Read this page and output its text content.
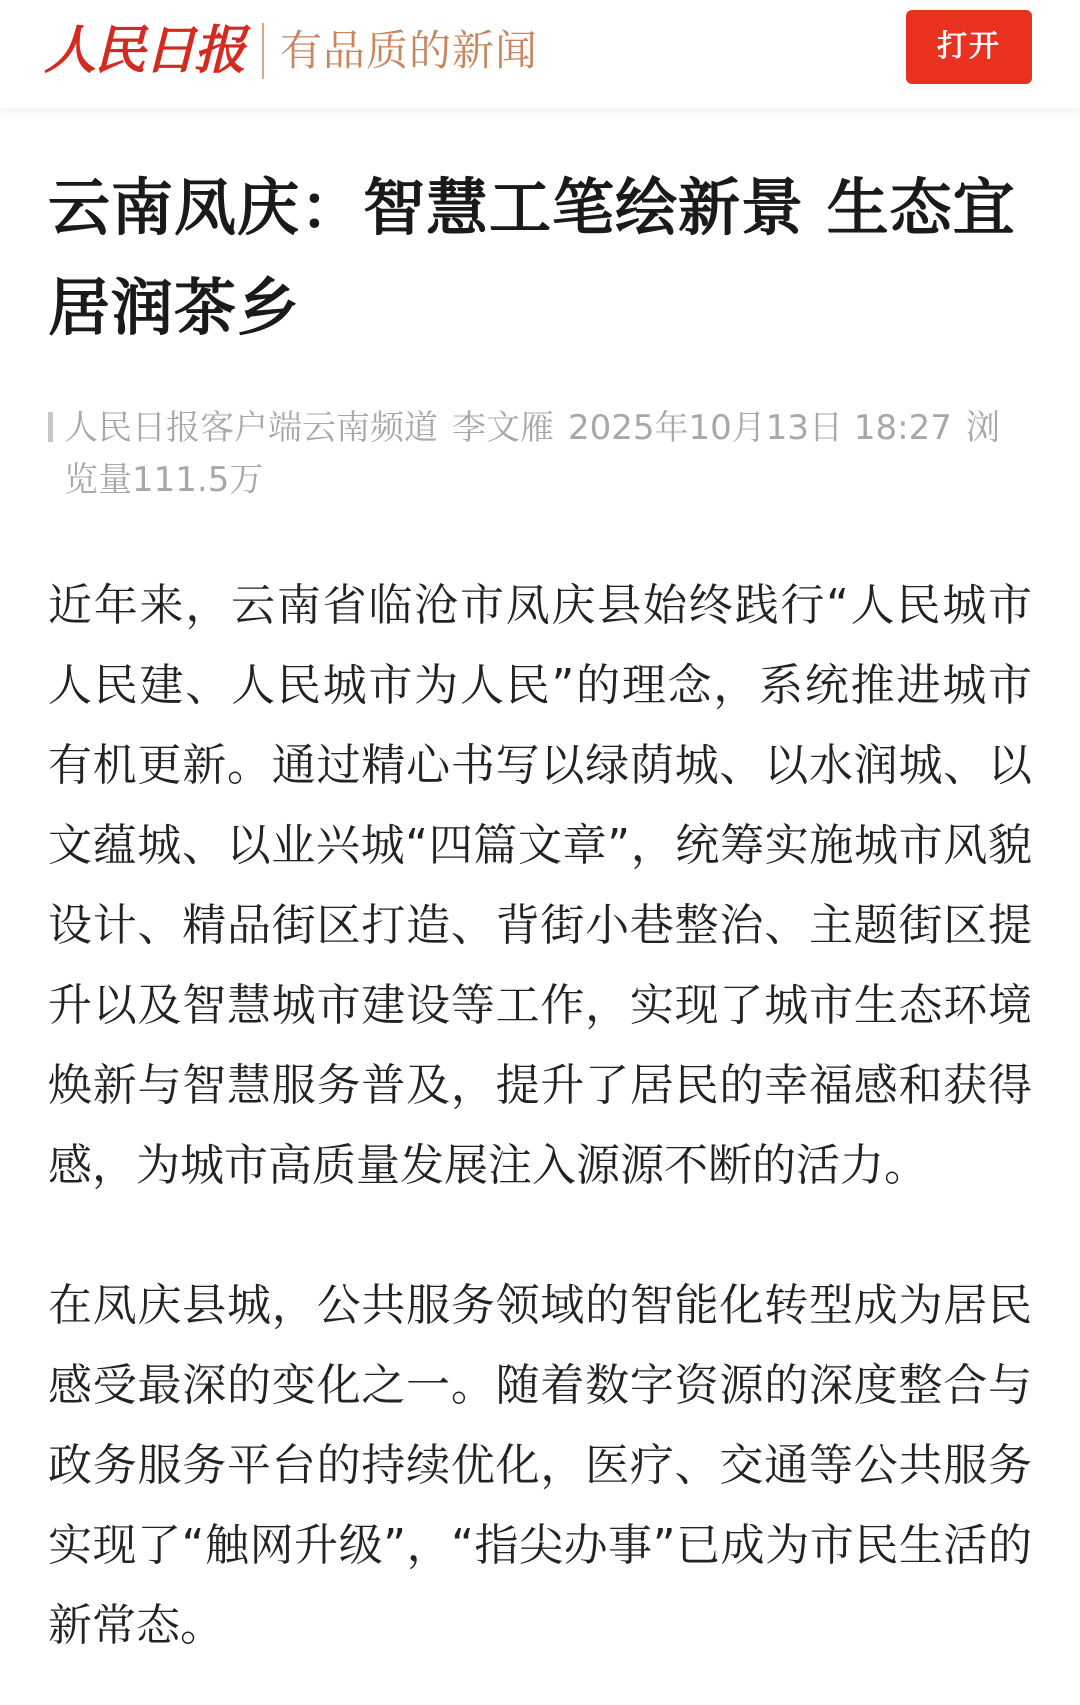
人民日报 有品质的新闻	打开
云南凤庆：智慧工笔绘新景 生态宜居润茶乡
人民日报客户端云南频道 李文雁 2025年10月13日 18:27 浏览量111.5万

近年来，云南省临沧市凤庆县始终践行“人民城市人民建、人民城市为人民”的理念，系统推进城市有机更新。通过精心书写以绿荫城、以水润城、以文蕴城、以业兴城“四篇文章”，统筹实施城市风貌设计、精品街区打造、背街小巷整治、主题街区提升以及智慧城市建设等工作，实现了城市生态环境焕新与智慧服务普及，提升了居民的幸福感和获得感，为城市高质量发展注入源源不断的活力。

在凤庆县城，公共服务领域的智能化转型成为居民感受最深的变化之一。随着数字资源的深度整合与政务服务平台的持续优化，医疗、交通等公共服务实现了“触网升级”，“指尖办事”已成为市民生活的新常态。
